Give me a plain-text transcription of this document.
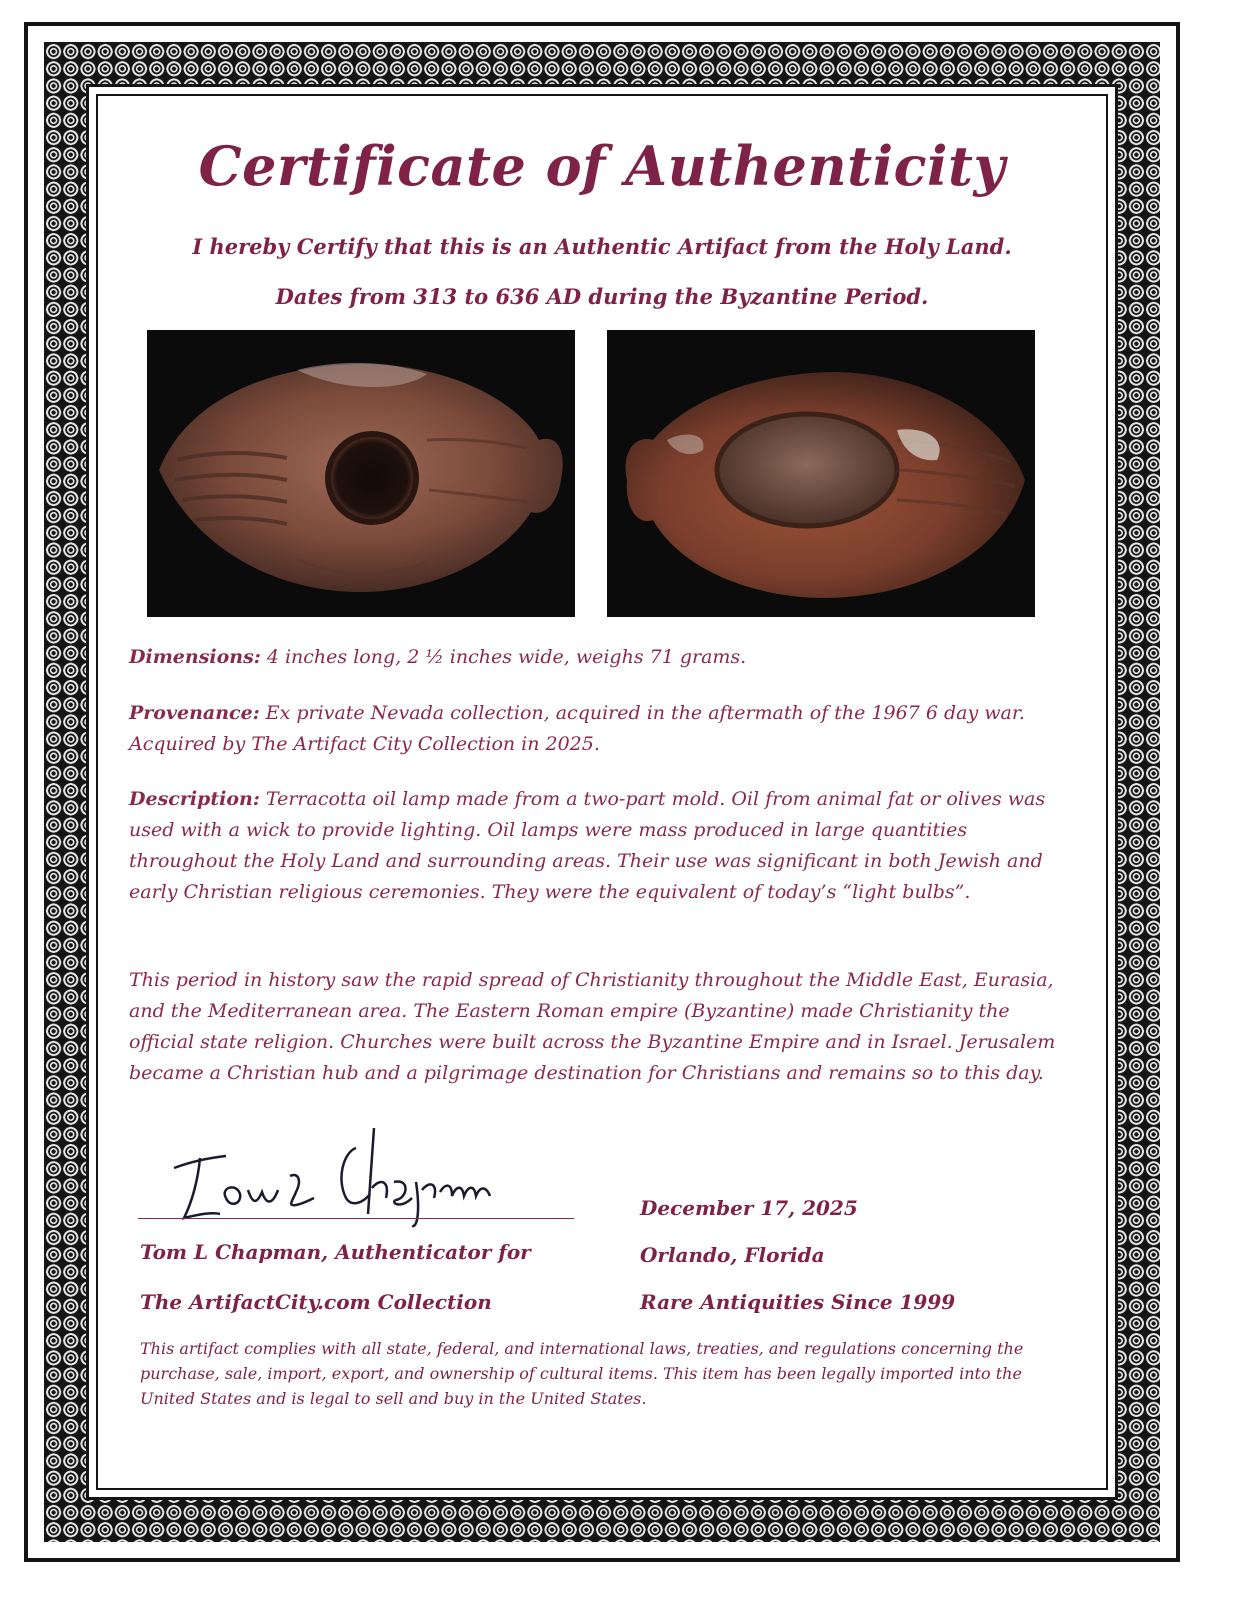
Certificate of Authenticity
I hereby Certify that this is an Authentic Artifact from the Holy Land.
Dates from 313 to 636 AD during the Byzantine Period.
Dimensions: 4 inches long, 2 ½ inches wide, weighs 71 grams.
Provenance: Ex private Nevada collection, acquired in the aftermath of the 1967 6 day war. Acquired by The Artifact City Collection in 2025.
Description: Terracotta oil lamp made from a two-part mold. Oil from animal fat or olives was used with a wick to provide lighting. Oil lamps were mass produced in large quantities throughout the Holy Land and surrounding areas. Their use was significant in both Jewish and early Christian religious ceremonies. They were the equivalent of today’s “light bulbs”.
This period in history saw the rapid spread of Christianity throughout the Middle East, Eurasia, and the Mediterranean area. The Eastern Roman empire (Byzantine) made Christianity the official state religion. Churches were built across the Byzantine Empire and in Israel. Jerusalem became a Christian hub and a pilgrimage destination for Christians and remains so to this day.
Tom L Chapman, Authenticator for
The ArtifactCity.com Collection
December 17, 2025
Orlando, Florida
Rare Antiquities Since 1999
This artifact complies with all state, federal, and international laws, treaties, and regulations concerning the purchase, sale, import, export, and ownership of cultural items. This item has been legally imported into the United States and is legal to sell and buy in the United States.
